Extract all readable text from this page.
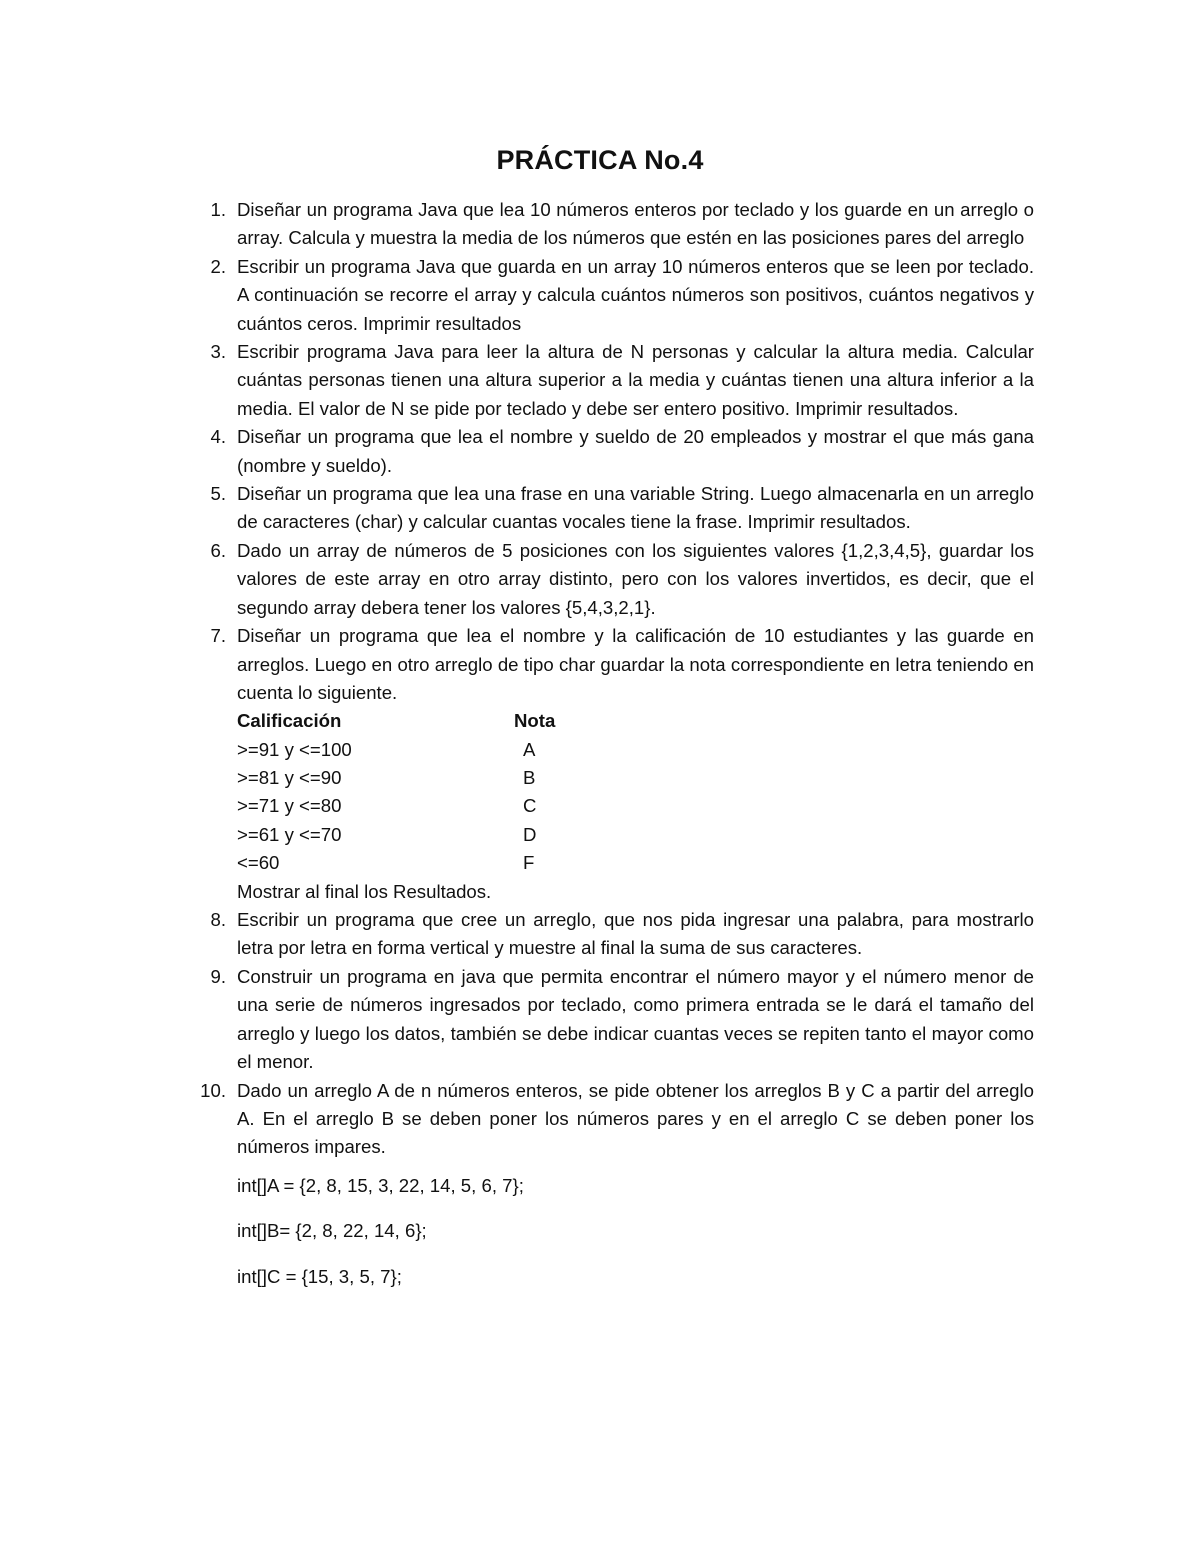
PRÁCTICA No.4
1. Diseñar un programa Java que lea 10 números enteros por teclado y los guarde en un arreglo o array. Calcula y muestra la media de los números que estén en las posiciones pares del arreglo
2. Escribir un programa Java que guarda en un array 10 números enteros que se leen por teclado. A continuación se recorre el array y calcula cuántos números son positivos, cuántos negativos y cuántos ceros. Imprimir resultados
3. Escribir programa Java para leer la altura de N personas y calcular la altura media. Calcular cuántas personas tienen una altura superior a la media y cuántas tienen una altura inferior a la media. El valor de N se pide por teclado y debe ser entero positivo. Imprimir resultados.
4. Diseñar un programa que lea el nombre y sueldo de 20 empleados y mostrar el que más gana (nombre y sueldo).
5. Diseñar un programa que lea una frase en una variable String. Luego almacenarla en un arreglo de caracteres (char) y calcular cuantas vocales tiene la frase. Imprimir resultados.
6. Dado un array de números de 5 posiciones con los siguientes valores {1,2,3,4,5}, guardar los valores de este array en otro array distinto, pero con los valores invertidos, es decir, que el segundo array debera tener los valores {5,4,3,2,1}.
7. Diseñar un programa que lea el nombre y la calificación de 10 estudiantes y las guarde en arreglos. Luego en otro arreglo de tipo char guardar la nota correspondiente en letra teniendo en cuenta lo siguiente.
Calificación	Nota
>=91 y <=100	A
>=81 y <=90	B
>=71 y <=80	C
>=61 y <=70	D
<=60	F
Mostrar al final los Resultados.
8. Escribir un programa que cree un arreglo, que nos pida ingresar una palabra, para mostrarlo letra por letra en forma vertical y muestre al final la suma de sus caracteres.
9. Construir un programa en java que permita encontrar el número mayor y el número menor de una serie de números ingresados por teclado, como primera entrada se le dará el tamaño del arreglo y luego los datos, también se debe indicar cuantas veces se repiten tanto el mayor como el menor.
10. Dado un arreglo A de n números enteros, se pide obtener los arreglos B y C a partir del arreglo A. En el arreglo B se deben poner los números pares y en el arreglo C se deben poner los números impares.
int[]A = {2, 8, 15, 3, 22, 14, 5, 6, 7};
int[]B= {2, 8, 22, 14, 6};
int[]C = {15, 3, 5, 7};
